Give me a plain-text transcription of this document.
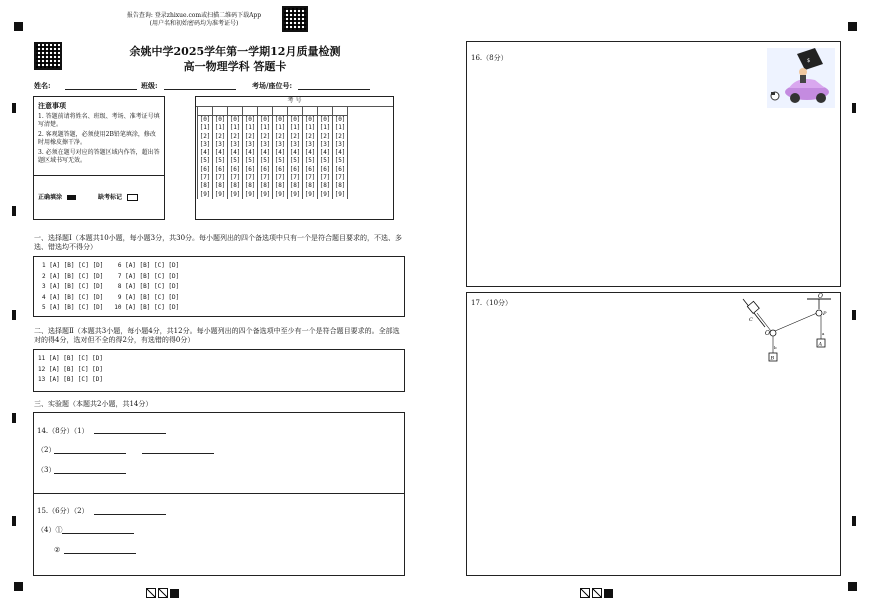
报告查询: 登录zhixue.com或扫描二维码下载App
(用户名和初始密码均为准考证号)
余姚中学2025学年第一学期12月质量检测
高一物理学科 答题卡
姓名:	班级:	考场/座位号:
注意事项
1. 答题前请将姓名、班级、考场、准考证号填写清楚。
2. 客观题答题，必须使用2B铅笔填涂，修改时用橡皮擦干净。
3. 必须在题号对应的答题区域内作答，超出答题区域书写无效。
正确填涂	缺考标记
考 号

[0]	[0]	[0]	[0]	[0]	[0]	[0]	[0]	[0]	[0]
[1]	[1]	[1]	[1]	[1]	[1]	[1]	[1]	[1]	[1]
[2]	[2]	[2]	[2]	[2]	[2]	[2]	[2]	[2]	[2]
[3]	[3]	[3]	[3]	[3]	[3]	[3]	[3]	[3]	[3]
[4]	[4]	[4]	[4]	[4]	[4]	[4]	[4]	[4]	[4]
[5]	[5]	[5]	[5]	[5]	[5]	[5]	[5]	[5]	[5]
[6]	[6]	[6]	[6]	[6]	[6]	[6]	[6]	[6]	[6]
[7]	[7]	[7]	[7]	[7]	[7]	[7]	[7]	[7]	[7]
[8]	[8]	[8]	[8]	[8]	[8]	[8]	[8]	[8]	[8]
[9]	[9]	[9]	[9]	[9]	[9]	[9]	[9]	[9]	[9]
一、选择题Ⅰ（本题共10小题，每小题3分，共30分。每小题列出的四个备选项中只有一个是符合题目要求的，不选、多选、错选均不得分）
1 [A] [B] [C] [D]    6 [A] [B] [C] [D]
2 [A] [B] [C] [D]    7 [A] [B] [C] [D]
3 [A] [B] [C] [D]    8 [A] [B] [C] [D]
4 [A] [B] [C] [D]    9 [A] [B] [C] [D]
5 [A] [B] [C] [D]   10 [A] [B] [C] [D]
二、选择题Ⅱ（本题共3小题，每小题4分，共12分。每小题列出的四个备选项中至少有一个是符合题目要求的。全部选对的得4分，选对但不全的得2分，有选错的得0分）
11 [A] [B] [C] [D]
12 [A] [B] [C] [D]
13 [A] [B] [C] [D]
三、实验题（本题共2小题，共14分）
14.（8分）（1）
（2）
（3）
15.（6分）（2）
（4）①
②
16.（8分）	$
17.（10分）
O
C
O
P
b
a
B
A
